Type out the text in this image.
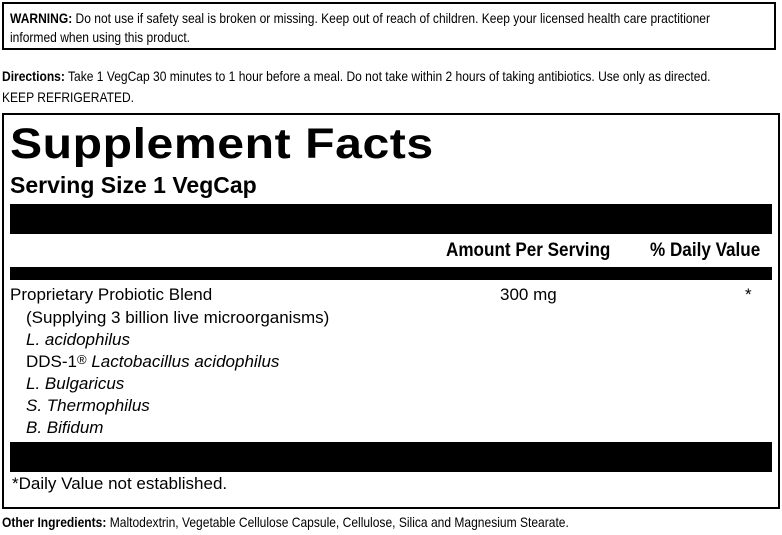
WARNING: Do not use if safety seal is broken or missing. Keep out of reach of children. Keep your licensed health care practitioner
informed when using this product.
Directions: Take 1 VegCap 30 minutes to 1 hour before a meal. Do not take within 2 hours of taking antibiotics. Use only as directed.
KEEP REFRIGERATED.
Supplement Facts
Serving Size 1 VegCap
Amount Per Serving % Daily Value
Proprietary Probiotic Blend	300 mg	*
(Supplying 3 billion live microorganisms)
L. acidophilus
DDS-1® Lactobacillus acidophilus
L. Bulgaricus
S. Thermophilus
B. Bifidum
*Daily Value not established.
Other Ingredients: Maltodextrin, Vegetable Cellulose Capsule, Cellulose, Silica and Magnesium Stearate.
